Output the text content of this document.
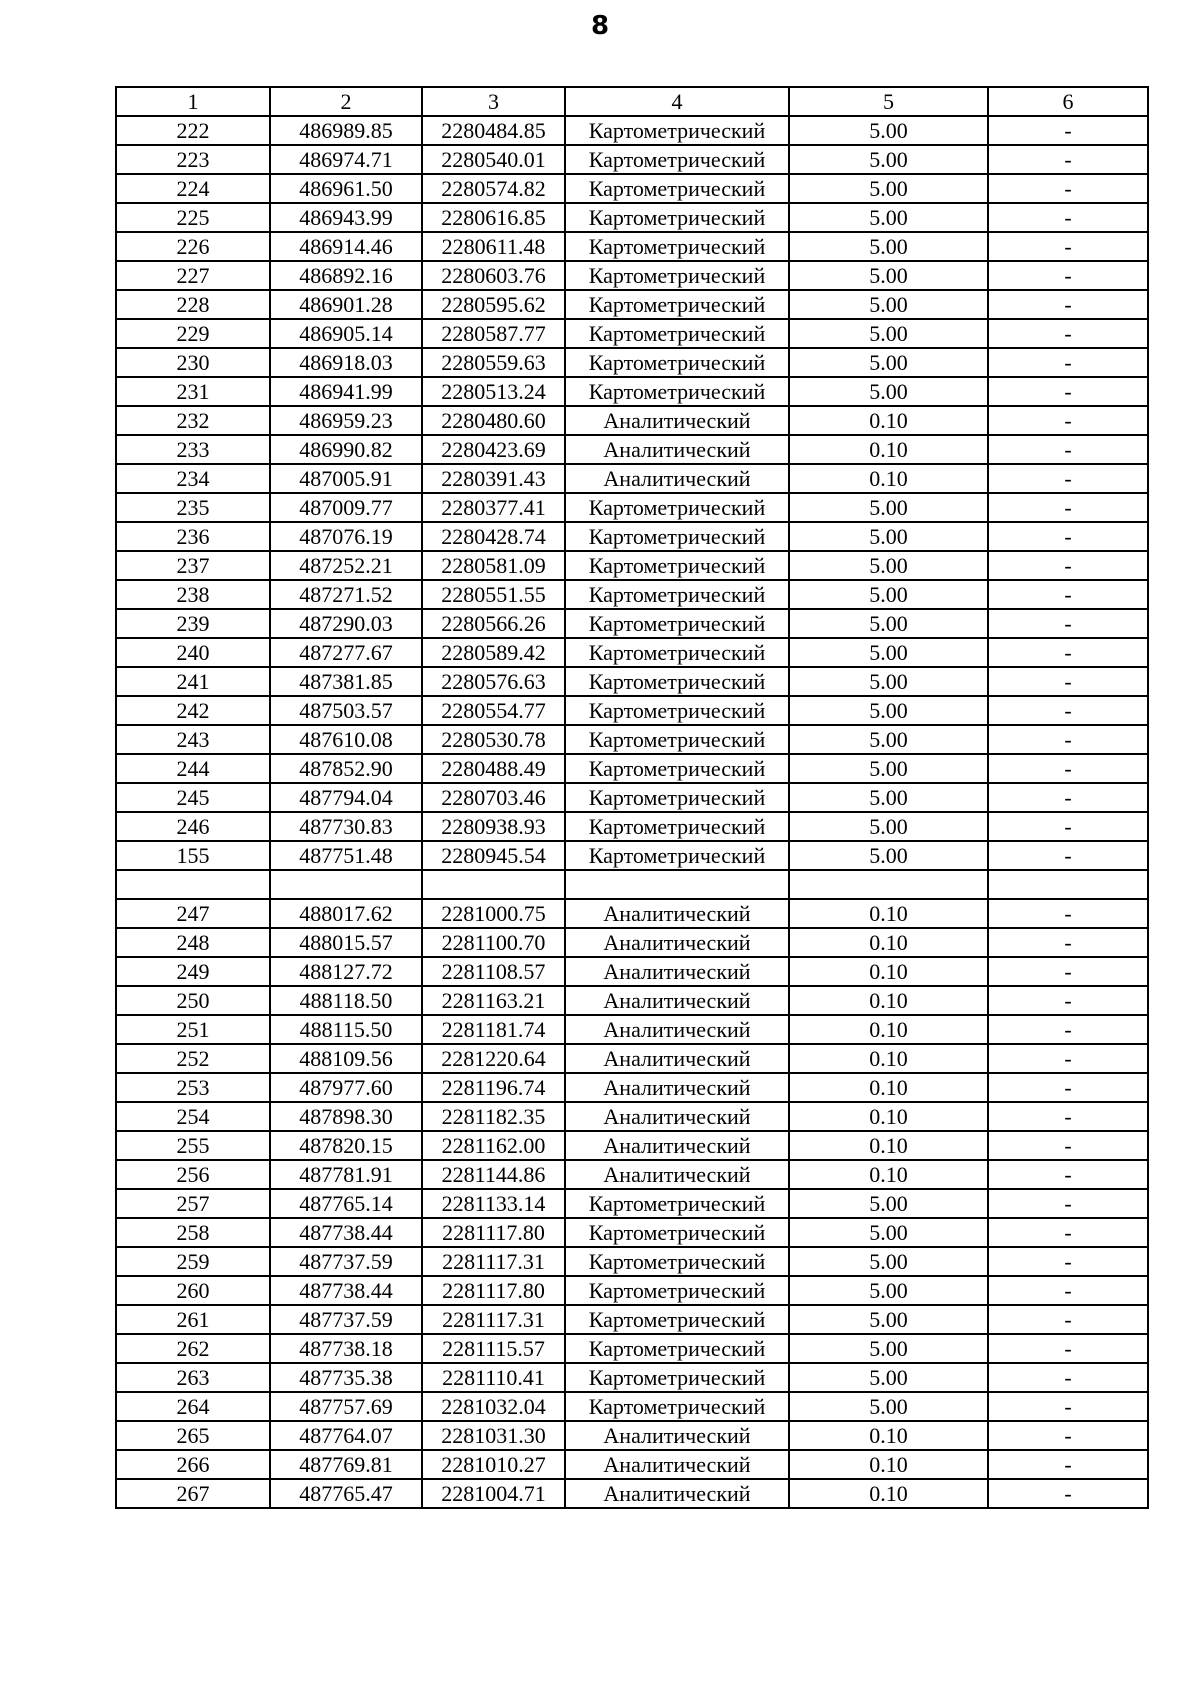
8
1	2	3	4	5	6
222	486989.85	2280484.85	Картометрический	5.00	-
223	486974.71	2280540.01	Картометрический	5.00	-
224	486961.50	2280574.82	Картометрический	5.00	-
225	486943.99	2280616.85	Картометрический	5.00	-
226	486914.46	2280611.48	Картометрический	5.00	-
227	486892.16	2280603.76	Картометрический	5.00	-
228	486901.28	2280595.62	Картометрический	5.00	-
229	486905.14	2280587.77	Картометрический	5.00	-
230	486918.03	2280559.63	Картометрический	5.00	-
231	486941.99	2280513.24	Картометрический	5.00	-
232	486959.23	2280480.60	Аналитический	0.10	-
233	486990.82	2280423.69	Аналитический	0.10	-
234	487005.91	2280391.43	Аналитический	0.10	-
235	487009.77	2280377.41	Картометрический	5.00	-
236	487076.19	2280428.74	Картометрический	5.00	-
237	487252.21	2280581.09	Картометрический	5.00	-
238	487271.52	2280551.55	Картометрический	5.00	-
239	487290.03	2280566.26	Картометрический	5.00	-
240	487277.67	2280589.42	Картометрический	5.00	-
241	487381.85	2280576.63	Картометрический	5.00	-
242	487503.57	2280554.77	Картометрический	5.00	-
243	487610.08	2280530.78	Картометрический	5.00	-
244	487852.90	2280488.49	Картометрический	5.00	-
245	487794.04	2280703.46	Картометрический	5.00	-
246	487730.83	2280938.93	Картометрический	5.00	-
155	487751.48	2280945.54	Картометрический	5.00	-

247	488017.62	2281000.75	Аналитический	0.10	-
248	488015.57	2281100.70	Аналитический	0.10	-
249	488127.72	2281108.57	Аналитический	0.10	-
250	488118.50	2281163.21	Аналитический	0.10	-
251	488115.50	2281181.74	Аналитический	0.10	-
252	488109.56	2281220.64	Аналитический	0.10	-
253	487977.60	2281196.74	Аналитический	0.10	-
254	487898.30	2281182.35	Аналитический	0.10	-
255	487820.15	2281162.00	Аналитический	0.10	-
256	487781.91	2281144.86	Аналитический	0.10	-
257	487765.14	2281133.14	Картометрический	5.00	-
258	487738.44	2281117.80	Картометрический	5.00	-
259	487737.59	2281117.31	Картометрический	5.00	-
260	487738.44	2281117.80	Картометрический	5.00	-
261	487737.59	2281117.31	Картометрический	5.00	-
262	487738.18	2281115.57	Картометрический	5.00	-
263	487735.38	2281110.41	Картометрический	5.00	-
264	487757.69	2281032.04	Картометрический	5.00	-
265	487764.07	2281031.30	Аналитический	0.10	-
266	487769.81	2281010.27	Аналитический	0.10	-
267	487765.47	2281004.71	Аналитический	0.10	-
